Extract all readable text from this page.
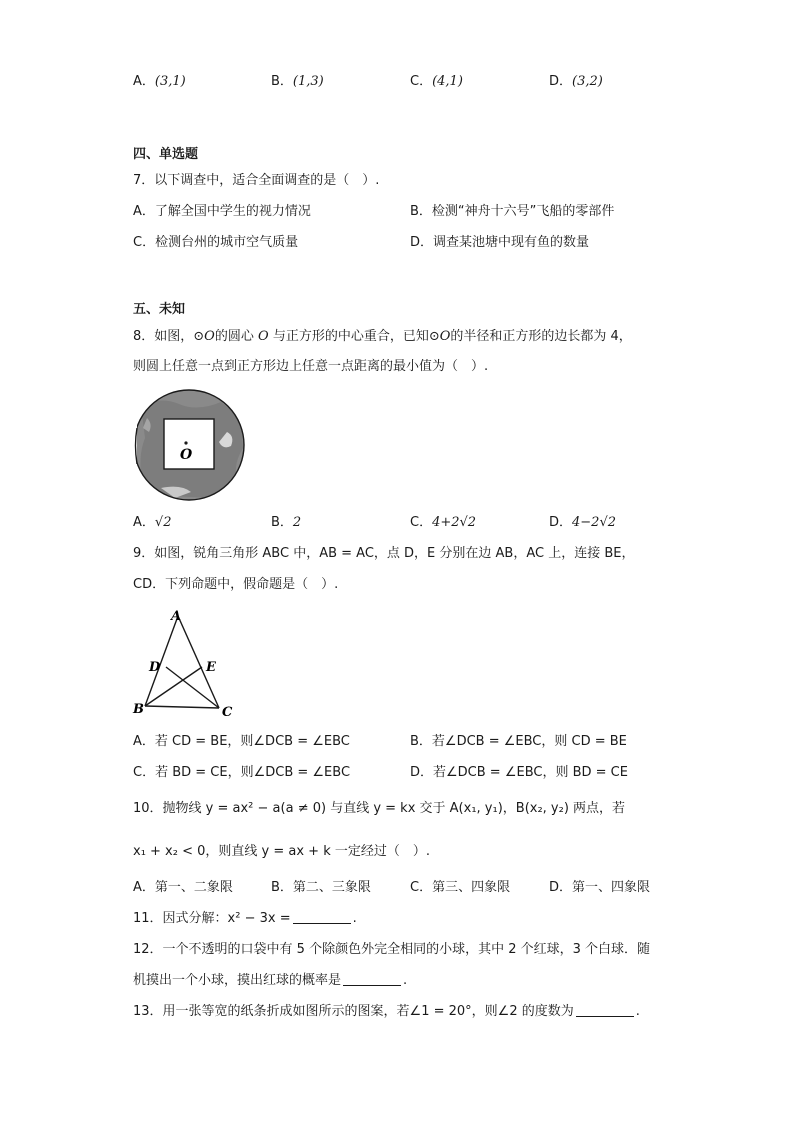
A．(3,1)	B．(1,3)	C．(4,1)	D．(3,2)
四、单选题
7．以下调查中，适合全面调查的是（　）.
A．了解全国中学生的视力情况	B．检测“神舟十六号”飞船的零部件
C．检测台州的城市空气质量	D．调查某池塘中现有鱼的数量
五、未知
8．如图，⊙O的圆心 O 与正方形的中心重合，已知⊙O的半径和正方形的边长都为 4，
则圆上任意一点到正方形边上任意一点距离的最小值为（　）.
O
A．√2	B．2	C．4+2√2	D．4−2√2
9．如图，锐角三角形 ABC 中，AB = AC，点 D，E 分别在边 AB，AC 上，连接 BE，
CD．下列命题中，假命题是（　）.
A
D	E
B	C
A．若 CD = BE，则∠DCB = ∠EBC	B．若∠DCB = ∠EBC，则 CD = BE
C．若 BD = CE，则∠DCB = ∠EBC	D．若∠DCB = ∠EBC，则 BD = CE
10．抛物线 y = ax² − a(a ≠ 0) 与直线 y = kx 交于 A(x₁, y₁)，B(x₂, y₂) 两点，若
x₁ + x₂ < 0，则直线 y = ax + k 一定经过（　）.
A．第一、二象限	B．第二、三象限	C．第三、四象限	D．第一、四象限
11．因式分解：x² − 3x =	.
12．一个不透明的口袋中有 5 个除颜色外完全相同的小球，其中 2 个红球，3 个白球．随
机摸出一个小球，摸出红球的概率是	.
13．用一张等宽的纸条折成如图所示的图案，若∠1 = 20°，则∠2 的度数为	.
